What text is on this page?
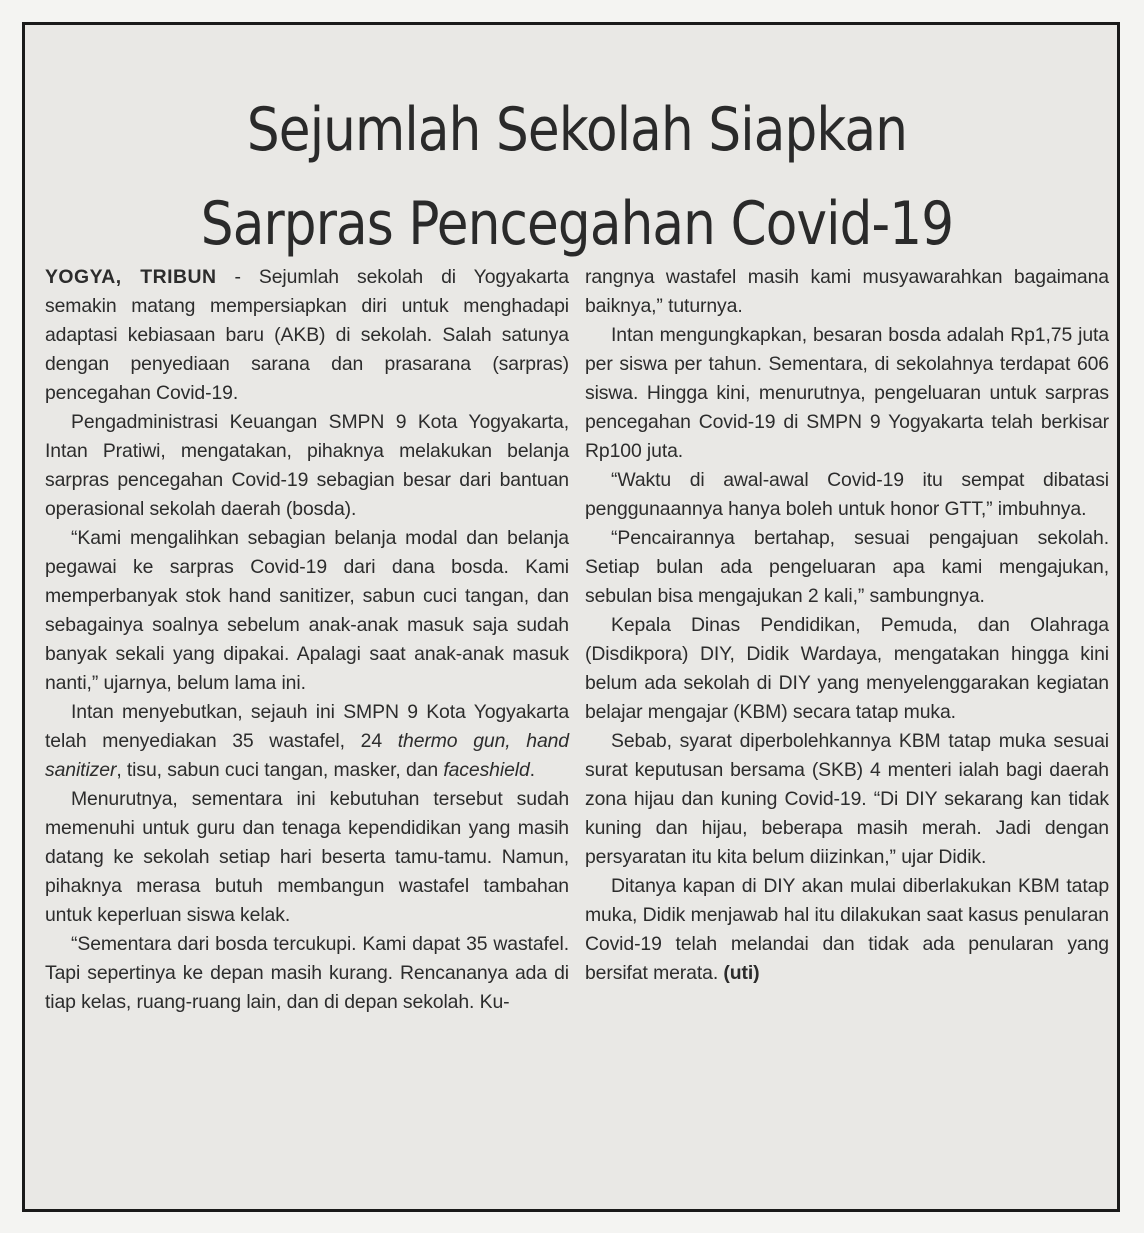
Sejumlah Sekolah Siapkan
Sarpras Pencegahan Covid-19

YOGYA, TRIBUN - Sejumlah sekolah di Yogyakarta semakin matang mempersiapkan diri untuk menghadapi adaptasi kebiasaan baru (AKB) di sekolah. Salah satunya dengan penyediaan sarana dan prasarana (sarpras) pencegahan Covid-19.

Pengadministrasi Keuangan SMPN 9 Kota Yogyakarta, Intan Pratiwi, mengatakan, pihaknya melakukan belanja sarpras pencegahan Covid-19 sebagian besar dari bantuan operasional sekolah daerah (bosda).

“Kami mengalihkan sebagian belanja modal dan belanja pegawai ke sarpras Covid-19 dari dana bosda. Kami memperbanyak stok hand sanitizer, sabun cuci tangan, dan sebagainya soalnya sebelum anak-anak masuk saja sudah banyak sekali yang dipakai. Apalagi saat anak-anak masuk nanti,” ujarnya, belum lama ini.

Intan menyebutkan, sejauh ini SMPN 9 Kota Yogyakarta telah menyediakan 35 wastafel, 24 thermo gun, hand sanitizer, tisu, sabun cuci tangan, masker, dan faceshield.

Menurutnya, sementara ini kebutuhan tersebut sudah memenuhi untuk guru dan tenaga kependidikan yang masih datang ke sekolah setiap hari beserta tamu-tamu. Namun, pihaknya merasa butuh membangun wastafel tambahan untuk keperluan siswa kelak.

“Sementara dari bosda tercukupi. Kami dapat 35 wastafel. Tapi sepertinya ke depan masih kurang. Rencananya ada di tiap kelas, ruang-ruang lain, dan di depan sekolah. Ku-

rangnya wastafel masih kami musyawarahkan bagaimana baiknya,” tuturnya.

Intan mengungkapkan, besaran bosda adalah Rp1,75 juta per siswa per tahun. Sementara, di sekolahnya terdapat 606 siswa. Hingga kini, menurutnya, pengeluaran untuk sarpras pencegahan Covid-19 di SMPN 9 Yogyakarta telah berkisar Rp100 juta.

“Waktu di awal-awal Covid-19 itu sempat dibatasi penggunaannya hanya boleh untuk honor GTT,” imbuhnya.

“Pencairannya bertahap, sesuai pengajuan sekolah. Setiap bulan ada pengeluaran apa kami mengajukan, sebulan bisa mengajukan 2 kali,” sambungnya.

Kepala Dinas Pendidikan, Pemuda, dan Olahraga (Disdikpora) DIY, Didik Wardaya, mengatakan hingga kini belum ada sekolah di DIY yang menyelenggarakan kegiatan belajar mengajar (KBM) secara tatap muka.

Sebab, syarat diperbolehkannya KBM tatap muka sesuai surat keputusan bersama (SKB) 4 menteri ialah bagi daerah zona hijau dan kuning Covid-19. “Di DIY sekarang kan tidak kuning dan hijau, beberapa masih merah. Jadi dengan persyaratan itu kita belum diizinkan,” ujar Didik.

Ditanya kapan di DIY akan mulai diberlakukan KBM tatap muka, Didik menjawab hal itu dilakukan saat kasus penularan Covid-19 telah melandai dan tidak ada penularan yang bersifat merata. (uti)
